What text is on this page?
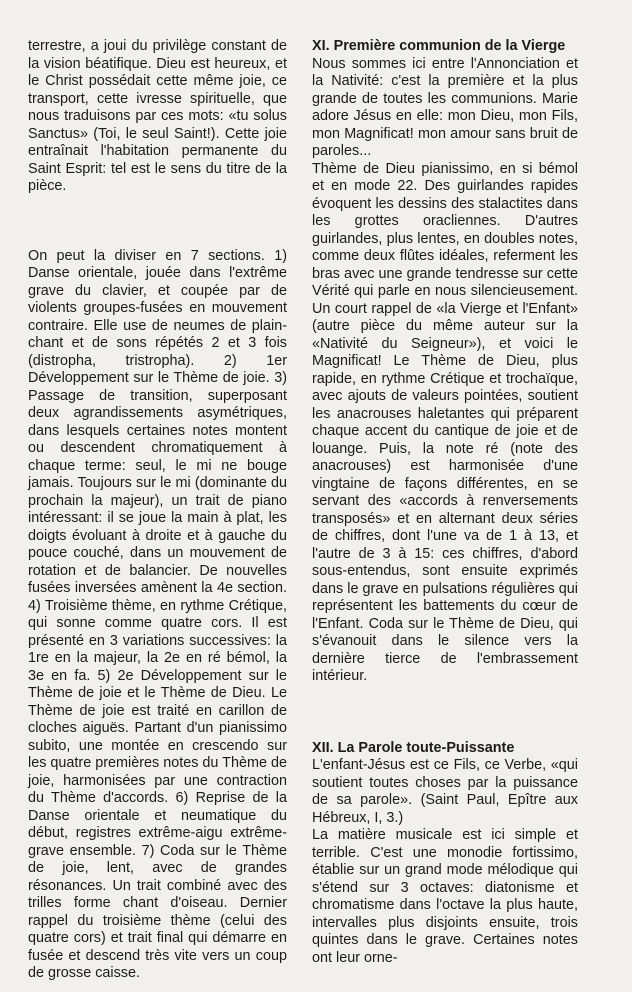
terrestre, a joui du privilège constant de la vision béatifique. Dieu est heureux, et le Christ possédait cette même joie, ce transport, cette ivresse spirituelle, que nous traduisons par ces mots: «tu solus Sanctus» (Toi, le seul Saint!). Cette joie entraînait l'habitation permanente du Saint Esprit: tel est le sens du titre de la pièce.

On peut la diviser en 7 sections. 1) Danse orientale, jouée dans l'extrême grave du clavier, et coupée par de violents groupes-fusées en mouvement contraire. Elle use de neumes de plain-chant et de sons répétés 2 et 3 fois (distropha, tristropha). 2) 1er Développement sur le Thème de joie. 3) Passage de transition, superposant deux agrandissements asymétriques, dans lesquels certaines notes montent ou descendent chromatiquement à chaque terme: seul, le mi ne bouge jamais. Toujours sur le mi (dominante du prochain la majeur), un trait de piano intéressant: il se joue la main à plat, les doigts évoluant à droite et à gauche du pouce couché, dans un mouvement de rotation et de balancier. De nouvelles fusées inversées amènent la 4e section. 4) Troisième thème, en rythme Crétique, qui sonne comme quatre cors. Il est présenté en 3 variations successives: la 1re en la majeur, la 2e en ré bémol, la 3e en fa. 5) 2e Développement sur le Thème de joie et le Thème de Dieu. Le Thème de joie est traité en carillon de cloches aiguës. Partant d'un pianissimo subito, une montée en crescendo sur les quatre premières notes du Thème de joie, harmonisées par une contraction du Thème d'accords. 6) Reprise de la Danse orientale et neumatique du début, registres extrême-aigu extrême-grave ensemble. 7) Coda sur le Thème de joie, lent, avec de grandes résonances. Un trait combiné avec des trilles forme chant d'oiseau. Dernier rappel du troisième thème (celui des quatre cors) et trait final qui démarre en fusée et descend très vite vers un coup de grosse caisse.

XI. Première communion de la Vierge

Nous sommes ici entre l'Annonciation et la Nativité: c'est la première et la plus grande de toutes les communions. Marie adore Jésus en elle: mon Dieu, mon Fils, mon Magnificat! mon amour sans bruit de paroles...

Thème de Dieu pianissimo, en si bémol et en mode 22. Des guirlandes rapides évoquent les dessins des stalactites dans les grottes oracliennes. D'autres guirlandes, plus lentes, en doubles notes, comme deux flûtes idéales, referment les bras avec une grande tendresse sur cette Vérité qui parle en nous silencieusement. Un court rappel de «la Vierge et l'Enfant» (autre pièce du même auteur sur la «Nativité du Seigneur»), et voici le Magnificat! Le Thème de Dieu, plus rapide, en rythme Crétique et trochaïque, avec ajouts de valeurs pointées, soutient les anacrouses haletantes qui préparent chaque accent du cantique de joie et de louange. Puis, la note ré (note des anacrouses) est harmonisée d'une vingtaine de façons différentes, en se servant des «accords à renversements transposés» et en alternant deux séries de chiffres, dont l'une va de 1 à 13, et l'autre de 3 à 15: ces chiffres, d'abord sous-entendus, sont ensuite exprimés dans le grave en pulsations régulières qui représentent les battements du cœur de l'Enfant. Coda sur le Thème de Dieu, qui s'évanouit dans le silence vers la dernière tierce de l'embrassement intérieur.

XII. La Parole toute-Puissante

L'enfant-Jésus est ce Fils, ce Verbe, «qui soutient toutes choses par la puissance de sa parole». (Saint Paul, Epître aux Hébreux, I, 3.)

La matière musicale est ici simple et terrible. C'est une monodie fortissimo, établie sur un grand mode mélodique qui s'étend sur 3 octaves: diatonisme et chromatisme dans l'octave la plus haute, intervalles plus disjoints ensuite, trois quintes dans le grave. Certaines notes ont leur orne-
